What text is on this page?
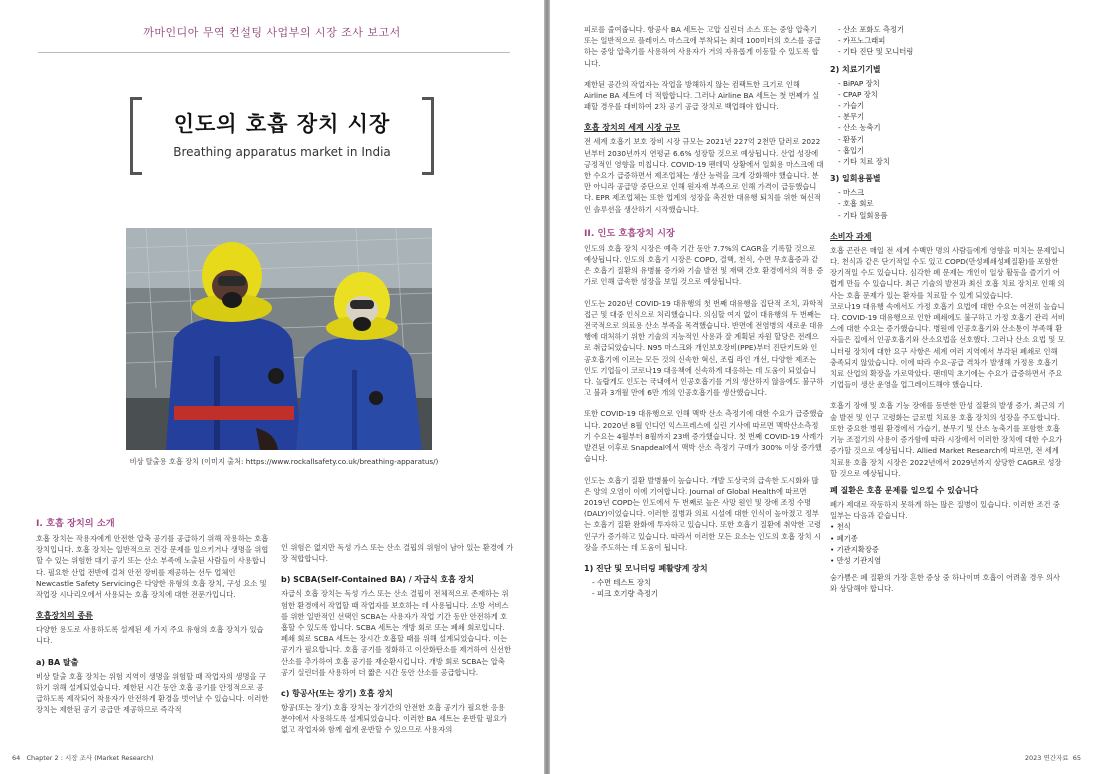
까마인디아 무역 컨설팅 사업부의 시장 조사 보고서
인도의 호흡 장치 시장
Breathing apparatus market in India
비상 탈출용 호흡 장치 (이미지 출처: https://www.rockallsafety.co.uk/breathing-apparatus/)
I. 호흡 장치의 소개
호흡 장치는 작용자에게 안전한 압축 공기를 공급하기 위해 작용하는 호흡 장치입니다. 호흡 장치는 일반적으로 건강 문제를 일으키거나 생명을 위협할 수 있는 위험한 대기 공기 또는 산소 부족에 노출된 사람들이 사용합니다. 필요한 산업 전반에 걸쳐 안전 장비를 제공하는 선두 업체인 Newcastle Safety Servicing은 다양한 유형의 호흡 장치, 구성 요소 및 작업장 시나리오에서 사용되는 호흡 장치에 대한 전문가입니다.
호흡장치의 종류
다양한 용도로 사용하도록 설계된 세 가지 주요 유형의 호흡 장치가 있습니다.
a) BA 탈출
비상 탈출 호흡 장치는 위험 지역이 생명을 위험할 때 작업자의 생명을 구하기 위해 설계되었습니다. 제한된 시간 동안 호흡 공기를 안정적으로 공급하도록 제작되어 착용자가 안전하게 환경을 벗어날 수 있습니다. 이러한 장치는 제한된 공기 공급만 제공하므로 즉각적
인 위험은 없지만 독성 가스 또는 산소 결핍의 위험이 남아 있는 환경에 가장 적합합니다.
b) SCBA(Self-Contained BA) / 자급식 호흡 장치
자급식 호흡 장치는 독성 가스 또는 산소 결핍이 전체적으로 존재하는 위험한 환경에서 작업할 때 작업자를 보호하는 데 사용됩니다. 소방 서비스를 위한 일반적인 선택인 SCBA는 사용자가 작업 기간 동안 안전하게 호흡할 수 있도록 합니다. SCBA 세트는 개방 회로 또는 폐쇄 회로입니다. 폐쇄 회로 SCBA 세트는 장시간 호흡할 때를 위해 설계되었습니다. 이는 공기가 필요합니다. 호흡 공기를 정화하고 이산화탄소를 제거하여 신선한 산소를 추가하여 호흡 공기를 재순환시킵니다. 개방 회로 SCBA는 압축 공기 실린더를 사용하여 더 짧은 시간 동안 산소를 공급합니다.
c) 항공사(또는 장기) 호흡 장치
항공(또는 장기) 호흡 장치는 장기간의 안전한 호흡 공기가 필요한 응용 분야에서 사용하도록 설계되었습니다. 이러한 BA 세트는 운반할 필요가 없고 작업자와 함께 쉽게 운반할 수 있으므로 사용자의
64 Chapter 2 : 시장 조사 (Market Research)
피로를 줄여줍니다. 항공사 BA 세트는 고압 실린더 소스 또는 중앙 압축기 또는 일반적으로 플레이스 마스크에 부착되는 최대 100미터의 호스를 공급하는 중앙 압축기를 사용하여 사용자가 거의 자유롭게 이동할 수 있도록 합니다.
제한된 공간의 작업자는 작업을 방해하지 않는 컴팩트한 크기로 인해 Airline BA 세트에 더 적합합니다. 그러나 Airline BA 세트는 첫 번째가 실패할 경우를 대비하여 2차 공기 공급 장치로 백업해야 합니다.
호흡 장치의 세계 시장 규모
전 세계 호흡기 보호 장비 시장 규모는 2021년 227억 2천만 달러로 2022년부터 2030년까지 연평균 6.6% 성장할 것으로 예상됩니다. 산업 성장에 긍정적인 영향을 미칩니다. COVID-19 팬데믹 상황에서 일회용 마스크에 대한 수요가 급증하면서 제조업체는 생산 능력을 크게 강화해야 했습니다. 분만 아니라 공급망 중단으로 인해 원자재 부족으로 인해 가격이 급등했습니다. EPR 제조업체는 또한 업계의 성장을 촉진한 대유행 퇴치를 위한 혁신적인 솔루션을 생산하기 시작했습니다.
II. 인도 호흡장치 시장
인도의 호흡 장치 시장은 예측 기간 동안 7.7%의 CAGR을 기록할 것으로 예상됩니다. 인도의 호흡기 시장은 COPD, 결핵, 천식, 수면 무호흡증과 같은 호흡기 질환의 유병률 증가와 기술 발전 및 재택 간호 환경에서의 적용 증가로 인해 급속한 성장을 보일 것으로 예상됩니다.
인도는 2020년 COVID-19 대유행의 첫 번째 대유행을 집단적 조치, 과학적 접근 및 대중 인식으로 처리했습니다. 의심할 여지 없이 대유행의 두 번째는 전국적으로 의료용 산소 부족을 목격했습니다. 반면에 전염병의 새로운 대유행에 대처하기 위한 기술의 지능적인 사용과 잘 계획된 자원 할당은 전례으로 취급되었습니다. N95 마스크와 개인보호장비(PPE)부터 진단키트와 인공호흡기에 이르는 모든 것의 신속한 혁신, 조립 라인 개선, 다양한 제조는 인도 기업들이 코로나19 대응책에 신속하게 대응하는 데 도움이 되었습니다. 놀랍게도 인도는 국내에서 인공호흡기를 거의 생산하지 않음에도 불구하고 불과 3개월 만에 6만 개의 인공호흡기를 생산했습니다.
또한 COVID-19 대유행으로 인해 맥박 산소 측정기에 대한 수요가 급증했습니다. 2020년 8월 인디언 익스프레스에 실린 기사에 따르면 맥박산소측정기 수요는 4월부터 8월까지 23배 증가했습니다. 첫 번째 COVID-19 사례가 발견된 이후로 Snapdeal에서 맥박 산소 측정기 구매가 300% 이상 증가했습니다.
인도는 호흡기 질환 발병률이 높습니다. 개발 도상국의 급속한 도시화와 많은 양의 오염이 이에 기여합니다. Journal of Global Health에 따르면 2019년 COPD는 인도에서 두 번째로 높은 사망 원인 및 장애 조정 수명(DALY)이었습니다. 이러한 질병과 의료 시설에 대한 인식이 높아졌고 정부는 호흡기 질환 완화에 투자하고 있습니다. 또한 호흡기 질환에 취약한 고령 인구가 증가하고 있습니다. 따라서 이러한 모든 요소는 인도의 호흡 장치 시장을 주도하는 데 도움이 됩니다.
1) 진단 및 모니터링 폐활량계 장치
- 수면 테스트 장치
- 피크 호기량 측정기
- 산소 포화도 측정기
- 카프노그래피
- 기타 진단 및 모니터링
2) 치료기기별
- BiPAP 장치
- CPAP 장치
- 가습기
- 분무기
- 산소 농축기
- 환풍기
- 흡입기
- 기타 치료 장치
3) 일회용품별
- 마스크
- 호흡 회로
- 기타 일회용품
소비자 과제
호흡 곤란은 매일 전 세계 수백만 명의 사람들에게 영향을 미치는 문제입니다. 천식과 같은 단기적일 수도 있고 COPD(만성폐쇄성폐질환)를 포함한 장기적일 수도 있습니다. 심각한 폐 문제는 개인이 일상 활동을 즐기기 어렵게 만들 수 있습니다. 최근 기술의 발전과 최신 호흡 치료 장치로 인해 의사는 호흡 문제가 있는 환자를 치료할 수 있게 되었습니다.
코로나19 대유행 속에서도 가정 호흡기 요법에 대한 수요는 여전히 높습니다. COVID-19 대유행으로 인한 폐쇄에도 불구하고 가정 호흡기 관리 서비스에 대한 수요는 증가했습니다. 병원에 인공호흡기와 산소통이 부족해 환자들은 집에서 인공호흡기와 산소요법을 선호했다. 그러나 산소 요법 및 모니터링 장치에 대한 요구 사항은 세계 여러 지역에서 부각된 폐쇄로 인해 충족되지 않았습니다. 이에 따라 수요-공급 격차가 발생해 가정용 호흡기 치료 산업의 확장을 가로막았다. 팬데믹 초기에는 수요가 급증하면서 주요 기업들이 생산 운영을 업그레이드해야 했습니다.
호흡기 장애 및 호흡 기능 장애를 동반한 만성 질환의 발생 증가, 최근의 기술 발전 및 인구 고령화는 글로벌 치료용 호흡 장치의 성장을 주도합니다. 또한 중요한 병원 환경에서 가습기, 분무기 및 산소 농축기를 포함한 호흡 기능 조절기의 사용이 증가함에 따라 시장에서 이러한 장치에 대한 수요가 증가할 것으로 예상됩니다. Allied Market Research에 따르면, 전 세계 치료용 호흡 장치 시장은 2022년에서 2029년까지 상당한 CAGR로 성장할 것으로 예상됩니다.
폐 질환은 호흡 문제를 일으킬 수 있습니다
폐가 제대로 작동하지 못하게 하는 많은 질병이 있습니다. 이러한 조건 중 일부는 다음과 같습니다.
• 천식
• 폐기종
• 기관지확장증
• 만성 기관지염
숨가쁨은 폐 질환의 가장 흔한 증상 중 하나이며 호흡이 어려울 경우 의사와 상담해야 합니다.
2023 연간자료 65
